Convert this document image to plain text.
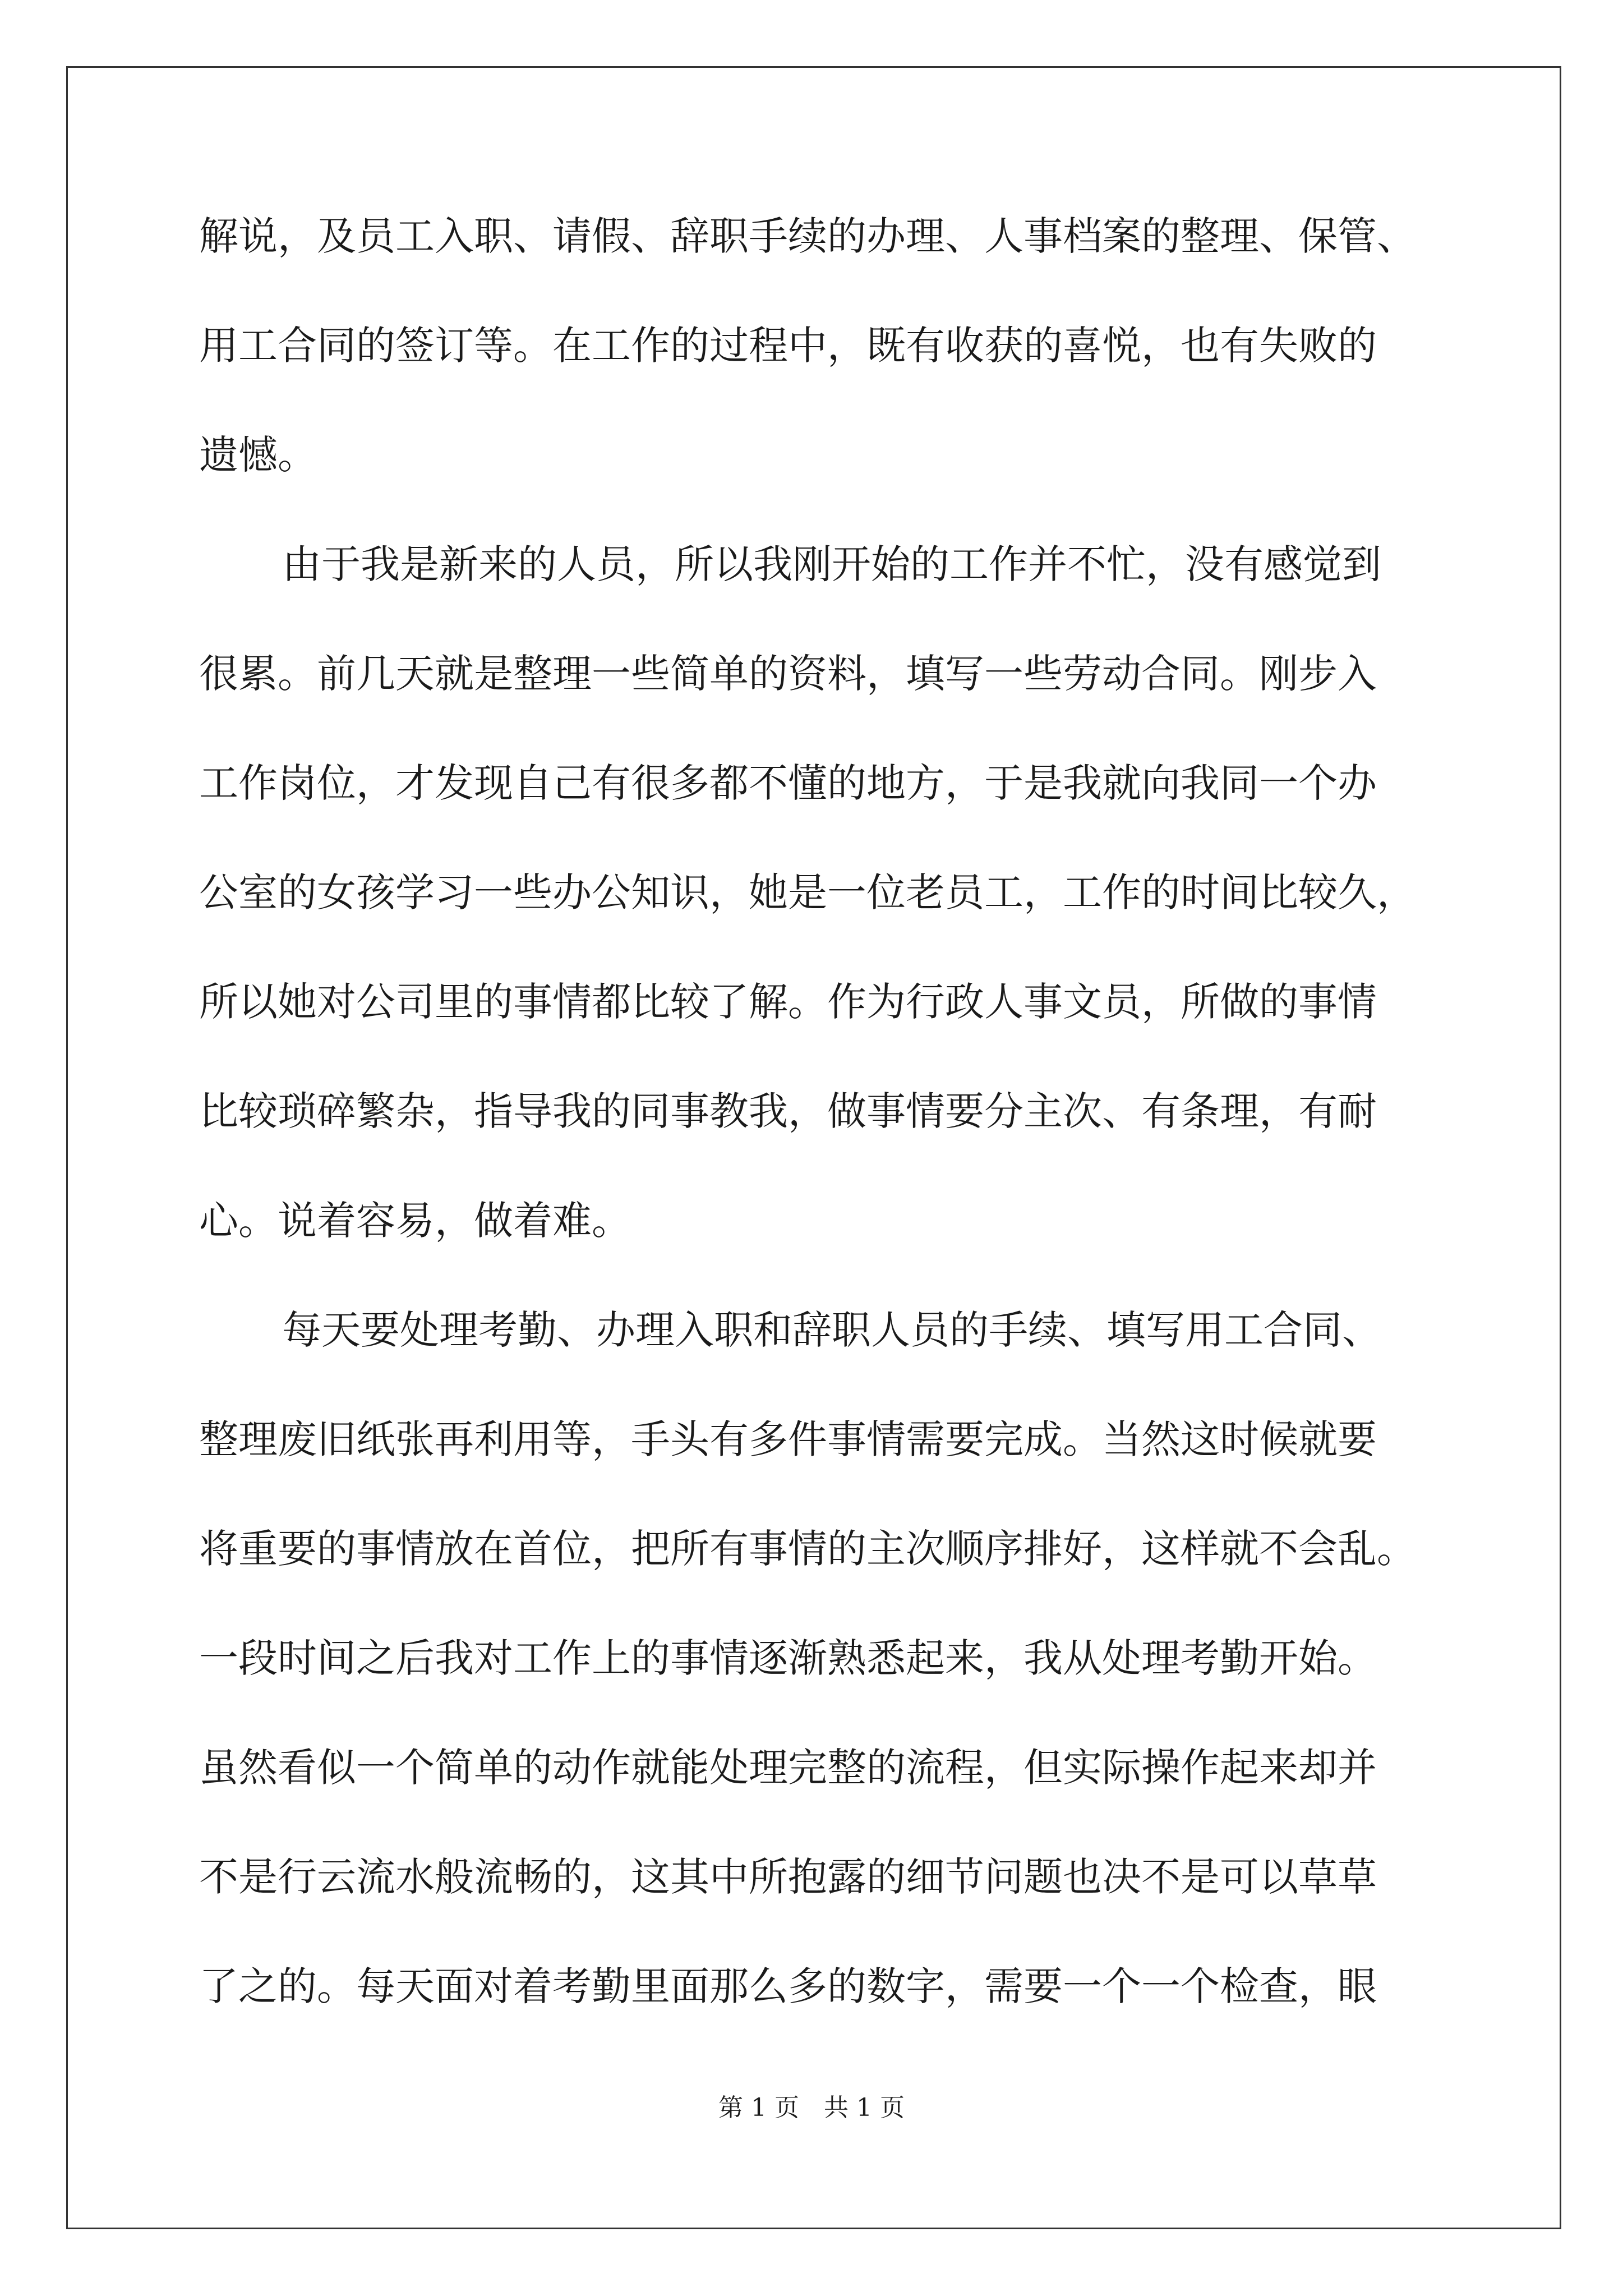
解说，及员工入职、请假、辞职手续的办理、人事档案的整理、保管、
用工合同的签订等。在工作的过程中，既有收获的喜悦，也有失败的
遗憾。
由于我是新来的人员，所以我刚开始的工作并不忙，没有感觉到
很累。前几天就是整理一些简单的资料，填写一些劳动合同。刚步入
工作岗位，才发现自己有很多都不懂的地方，于是我就向我同一个办
公室的女孩学习一些办公知识，她是一位老员工，工作的时间比较久，
所以她对公司里的事情都比较了解。作为行政人事文员，所做的事情
比较琐碎繁杂，指导我的同事教我，做事情要分主次、有条理，有耐
心。说着容易，做着难。
每天要处理考勤、办理入职和辞职人员的手续、填写用工合同、
整理废旧纸张再利用等，手头有多件事情需要完成。当然这时候就要
将重要的事情放在首位，把所有事情的主次顺序排好，这样就不会乱。
一段时间之后我对工作上的事情逐渐熟悉起来，我从处理考勤开始。
虽然看似一个简单的动作就能处理完整的流程，但实际操作起来却并
不是行云流水般流畅的，这其中所抱露的细节问题也决不是可以草草
了之的。每天面对着考勤里面那么多的数字，需要一个一个检查，眼
第 1 页　共 1 页
